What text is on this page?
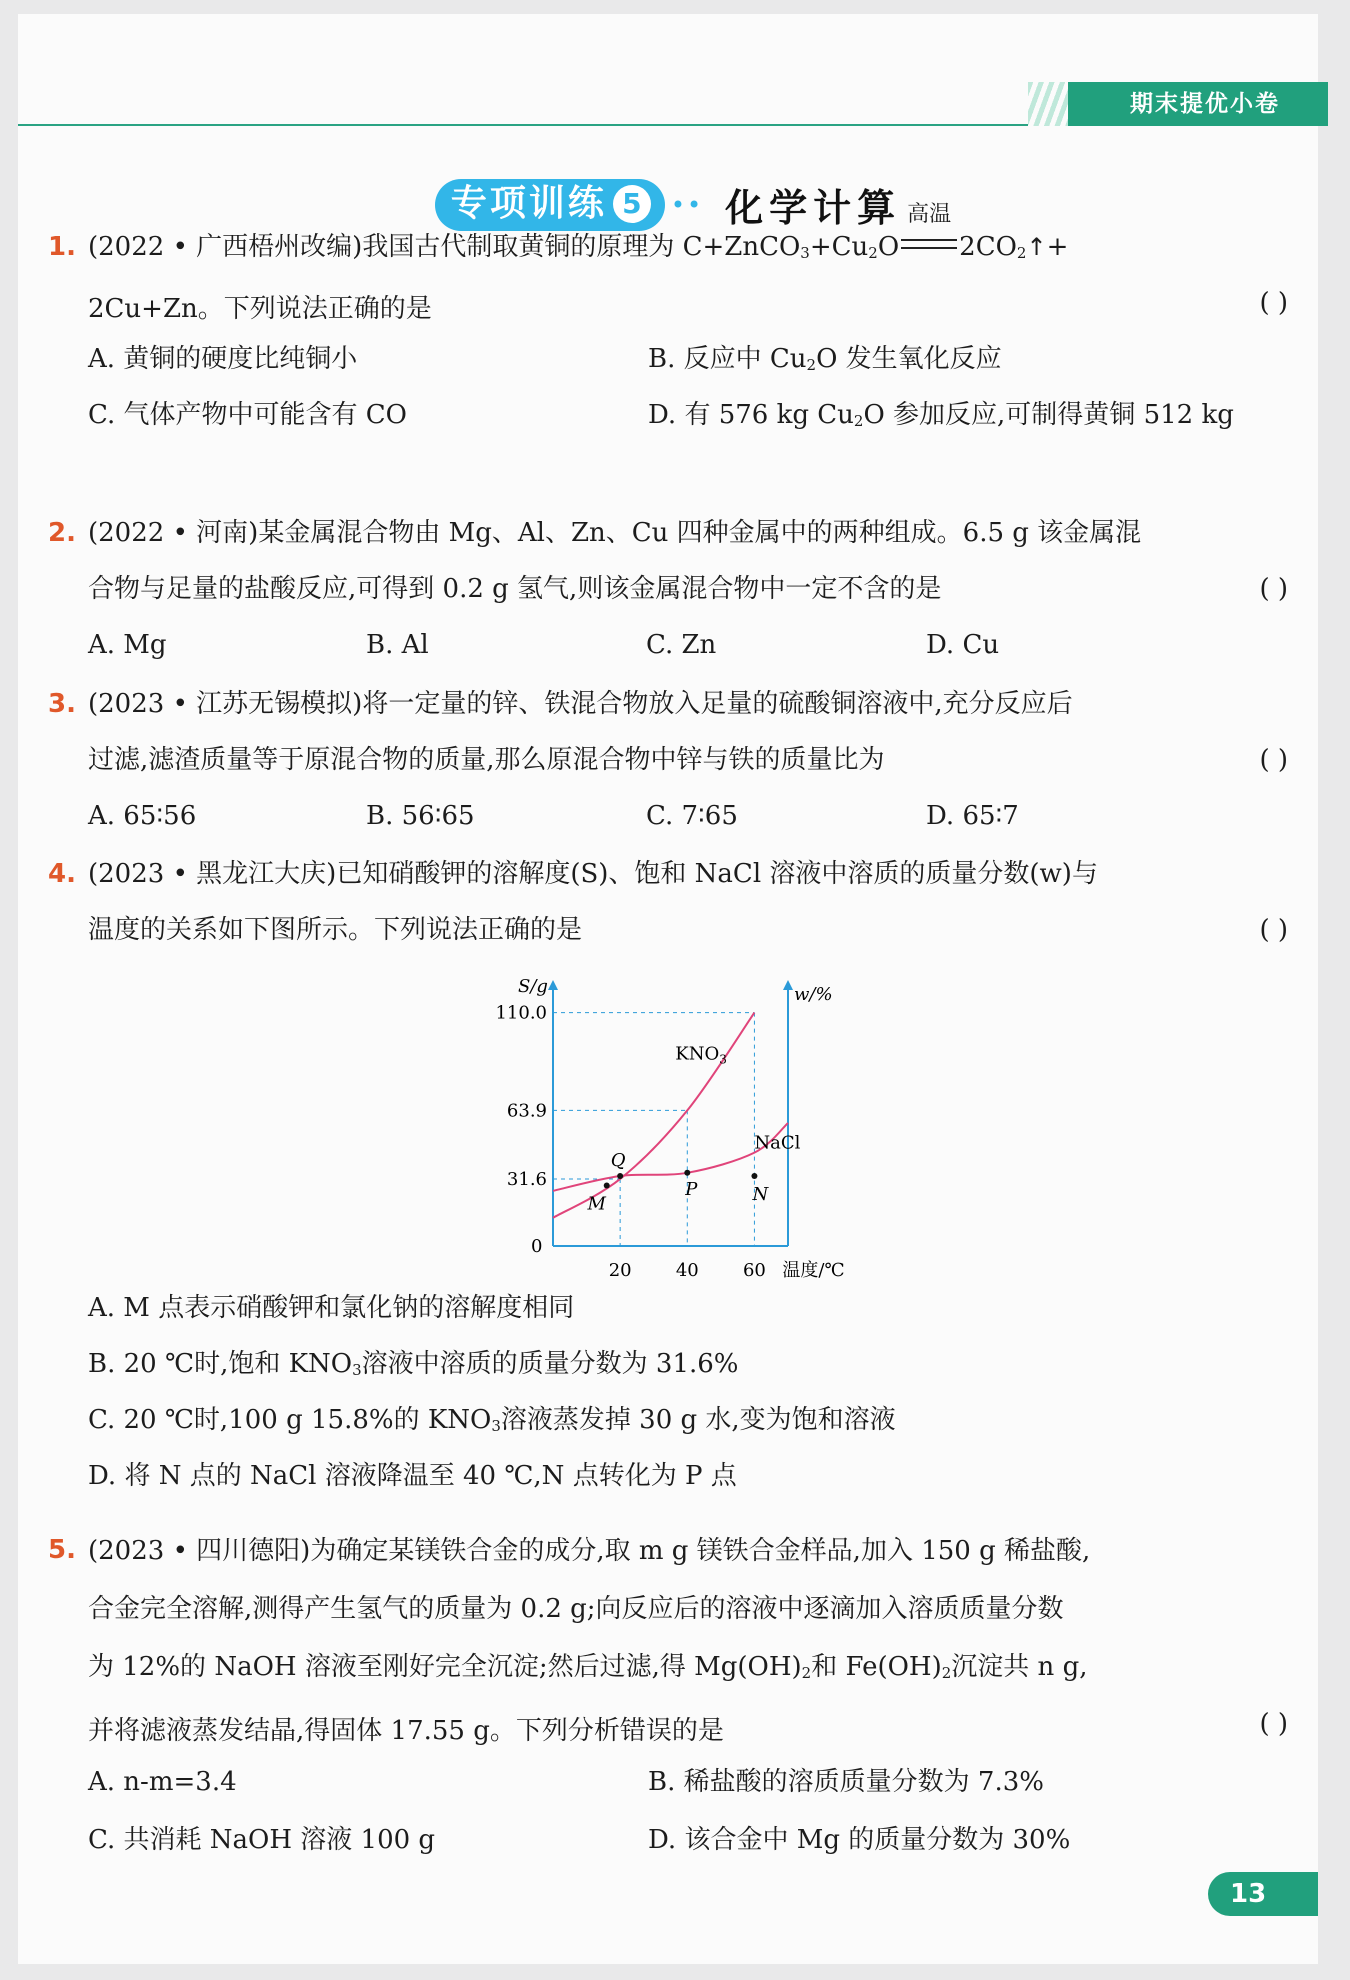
期末提优小卷
专项训练 5 •• 化学计算
1. (2022 • 广西梧州改编)我国古代制取黄铜的原理为 $C+ZnCO_3+Cu_2O$
高温
$2CO_2↑+$
2Cu+Zn。下列说法正确的是	( )
A. 黄铜的硬度比纯铜小	B. 反应中 $Cu_2O$ 发生氧化反应
C. 气体产物中可能含有 CO	D. 有 576 kg $Cu_2O$ 参加反应,可制得黄铜 512 kg
2. (2022 • 河南)某金属混合物由 Mg、Al、Zn、Cu 四种金属中的两种组成。6.5 g 该金属混
合物与足量的盐酸反应,可得到 0.2 g 氢气,则该金属混合物中一定不含的是	( )
A. Mg	B. Al	C. Zn	D. Cu
3. (2023 • 江苏无锡模拟)将一定量的锌、铁混合物放入足量的硫酸铜溶液中,充分反应后
过滤,滤渣质量等于原混合物的质量,那么原混合物中锌与铁的质量比为	( )
A. 65∶56	B. 56∶65	C. 7∶65	D. 65∶7
4. (2023 • 黑龙江大庆)已知硝酸钾的溶解度(S)、饱和 NaCl 溶液中溶质的质量分数(w)与
温度的关系如下图所示。下列说法正确的是	( )
S/g	w/%
温度/℃
0
20 40 60
31.6
63.9
110.0
$KNO_3$
NaCl
Q
M
P	N
A. M 点表示硝酸钾和氯化钠的溶解度相同
B. 20 ℃时,饱和 $KNO_3$溶液中溶质的质量分数为 31.6%
C. 20 ℃时,100 g 15.8%的 $KNO_3$溶液蒸发掉 30 g 水,变为饱和溶液
D. 将 N 点的 NaCl 溶液降温至 40 ℃,N 点转化为 P 点
5. (2023 • 四川德阳)为确定某镁铁合金的成分,取 m g 镁铁合金样品,加入 150 g 稀盐酸,
合金完全溶解,测得产生氢气的质量为 0.2 g;向反应后的溶液中逐滴加入溶质质量分数
为 12%的 NaOH 溶液至刚好完全沉淀;然后过滤,得 $Mg(OH)_2$和 $Fe(OH)_2$沉淀共 n g,
并将滤液蒸发结晶,得固体 17.55 g。下列分析错误的是	( )
A. n-m=3.4	B. 稀盐酸的溶质质量分数为 7.3%
C. 共消耗 NaOH 溶液 100 g	D. 该合金中 Mg 的质量分数为 30%
13
